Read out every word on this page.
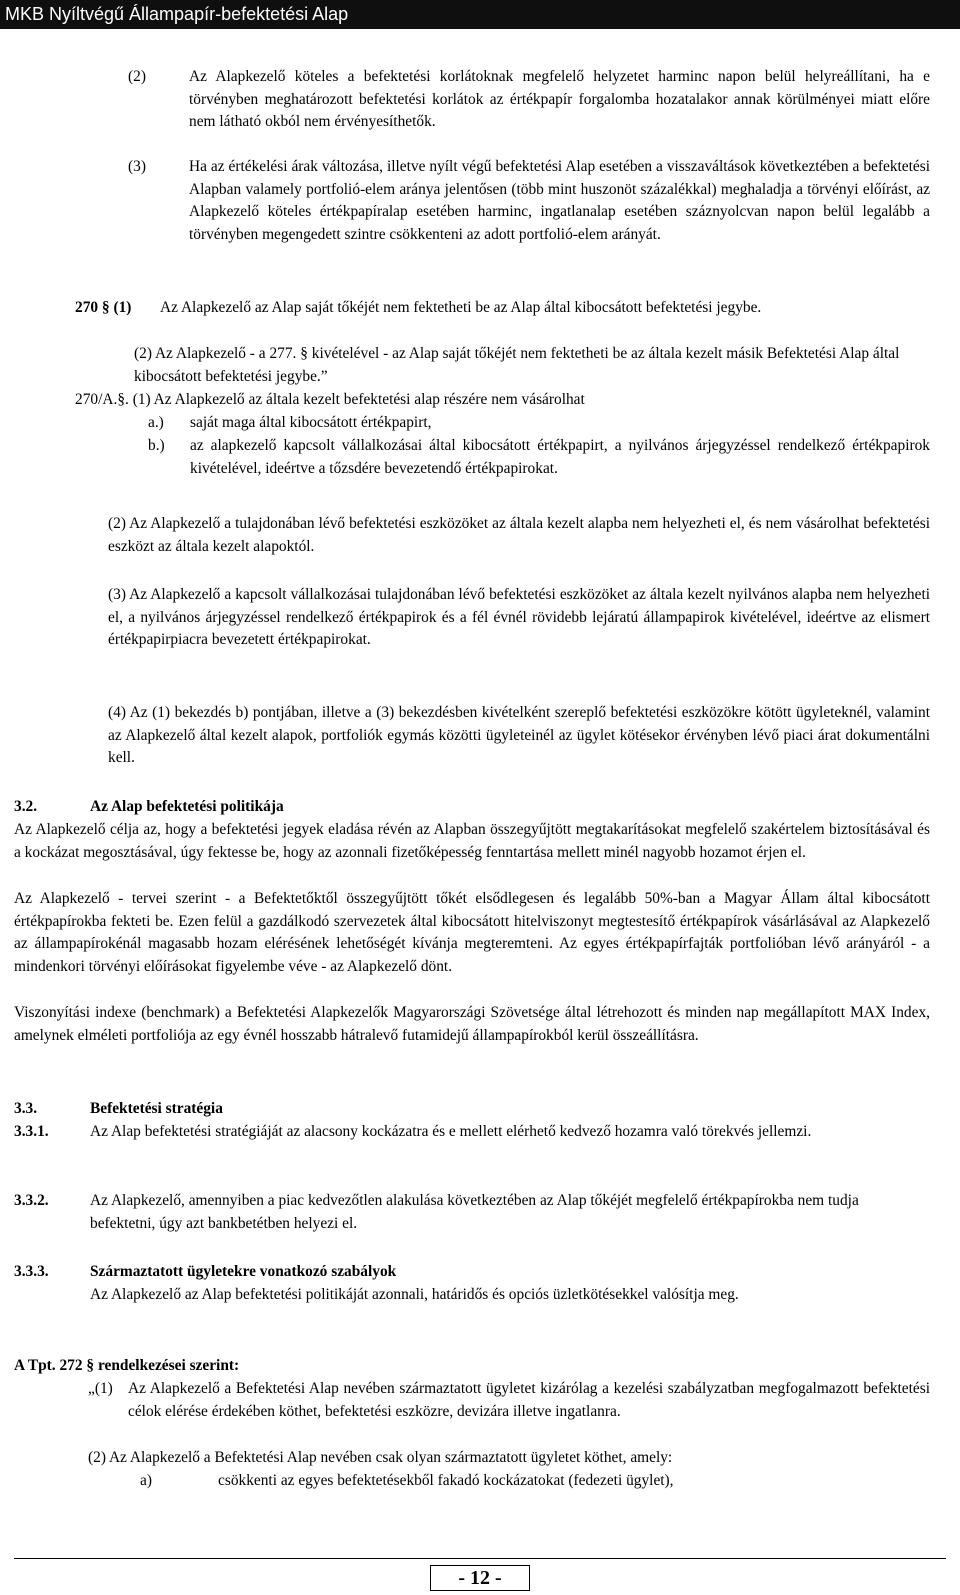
MKB Nyíltvégű Állampapír-befektetési Alap
(2)	Az Alapkezelő köteles a befektetési korlátoknak megfelelő helyzetet harminc napon belül helyreállítani, ha e törvényben meghatározott befektetési korlátok az értékpapír forgalomba hozatalakor annak körülményei miatt előre nem látható okból nem érvényesíthetők.
(3)	Ha az értékelési árak változása, illetve nyílt végű befektetési Alap esetében a visszaváltások következtében a befektetési Alapban valamely portfolió-elem aránya jelentősen (több mint huszonöt százalékkal) meghaladja a törvényi előírást, az Alapkezelő köteles értékpapíralap esetében harminc, ingatlanalap esetében száznyolcvan napon belül legalább a törvényben megengedett szintre csökkenteni az adott portfolió-elem arányát.
270 § (1) Az Alapkezelő az Alap saját tőkéjét nem fektetheti be az Alap által kibocsátott befektetési jegybe.
(2) Az Alapkezelő - a 277. § kivételével - az Alap saját tőkéjét nem fektetheti be az általa kezelt másik Befektetési Alap által kibocsátott befektetési jegybe.”
270/A.§. (1) Az Alapkezelő az általa kezelt befektetési alap részére nem vásárolhat
a.) saját maga által kibocsátott értékpapirt,
b.) az alapkezelő kapcsolt vállalkozásai által kibocsátott értékpapirt, a nyilvános árjegyzéssel rendelkező értékpapirok kivételével, ideértve a tőzsdére bevezetendő értékpapirokat.
(2) Az Alapkezelő a tulajdonában lévő befektetési eszközöket az általa kezelt alapba nem helyezheti el, és nem vásárolhat befektetési eszközt az általa kezelt alapoktól.
(3) Az Alapkezelő a kapcsolt vállalkozásai tulajdonában lévő befektetési eszközöket az általa kezelt nyilvános alapba nem helyezheti el, a nyilvános árjegyzéssel rendelkező értékpapirok és a fél évnél rövidebb lejáratú állampapirok kivételével, ideértve az elismert értékpapirpiacra bevezetett értékpapirokat.
(4) Az (1) bekezdés b) pontjában, illetve a (3) bekezdésben kivételként szereplő befektetési eszközökre kötött ügyleteknél, valamint az Alapkezelő által kezelt alapok, portfoliók egymás közötti ügyleteinél az ügylet kötésekor érvényben lévő piaci árat dokumentálni kell.
3.2.	Az Alap befektetési politikája
Az Alapkezelő célja az, hogy a befektetési jegyek eladása révén az Alapban összegyűjtött megtakarításokat megfelelő szakértelem biztosításával és a kockázat megosztásával, úgy fektesse be, hogy az azonnali fizetőképesség fenntartása mellett minél nagyobb hozamot érjen el.
Az Alapkezelő - tervei szerint - a Befektetőktől összegyűjtött tőkét elsődlegesen és legalább 50%-ban a Magyar Állam által kibocsátott értékpapírokba fekteti be. Ezen felül a gazdálkodó szervezetek által kibocsátott hitelviszonyt megtestesítő értékpapírok vásárlásával az Alapkezelő az állampapírokénál magasabb hozam elérésének lehetőségét kívánja megteremteni. Az egyes értékpapírfajták portfolióban lévő arányáról - a mindenkori törvényi előírásokat figyelembe véve - az Alapkezelő dönt.
Viszonyítási indexe (benchmark) a Befektetési Alapkezelők Magyarországi Szövetsége által létrehozott és minden nap megállapított MAX Index, amelynek elméleti portfoliója az egy évnél hosszabb hátralevő futamidejű állampapírokból kerül összeállításra.
3.3.	Befektetési stratégia
3.3.1.	Az Alap befektetési stratégiáját az alacsony kockázatra és e mellett elérhető kedvező hozamra való törekvés jellemzi.
3.3.2.	Az Alapkezelő, amennyiben a piac kedvezőtlen alakulása következtében az Alap tőkéjét megfelelő értékpapírokba nem tudja befektetni, úgy azt bankbetétben helyezi el.
3.3.3.	Származtatott ügyletekre vonatkozó szabályok
Az Alapkezelő az Alap befektetési politikáját azonnali, határidős és opciós üzletkötésekkel valósítja meg.
A Tpt. 272 § rendelkezései szerint:
„(1) Az Alapkezelő a Befektetési Alap nevében származtatott ügyletet kizárólag a kezelési szabályzatban megfogalmazott befektetési célok elérése érdekében köthet, befektetési eszközre, devizára illetve ingatlanra.
(2) Az Alapkezelő a Befektetési Alap nevében csak olyan származtatott ügyletet köthet, amely:
a)	csökkenti az egyes befektetésekből fakadó kockázatokat (fedezeti ügylet),
- 12 -
